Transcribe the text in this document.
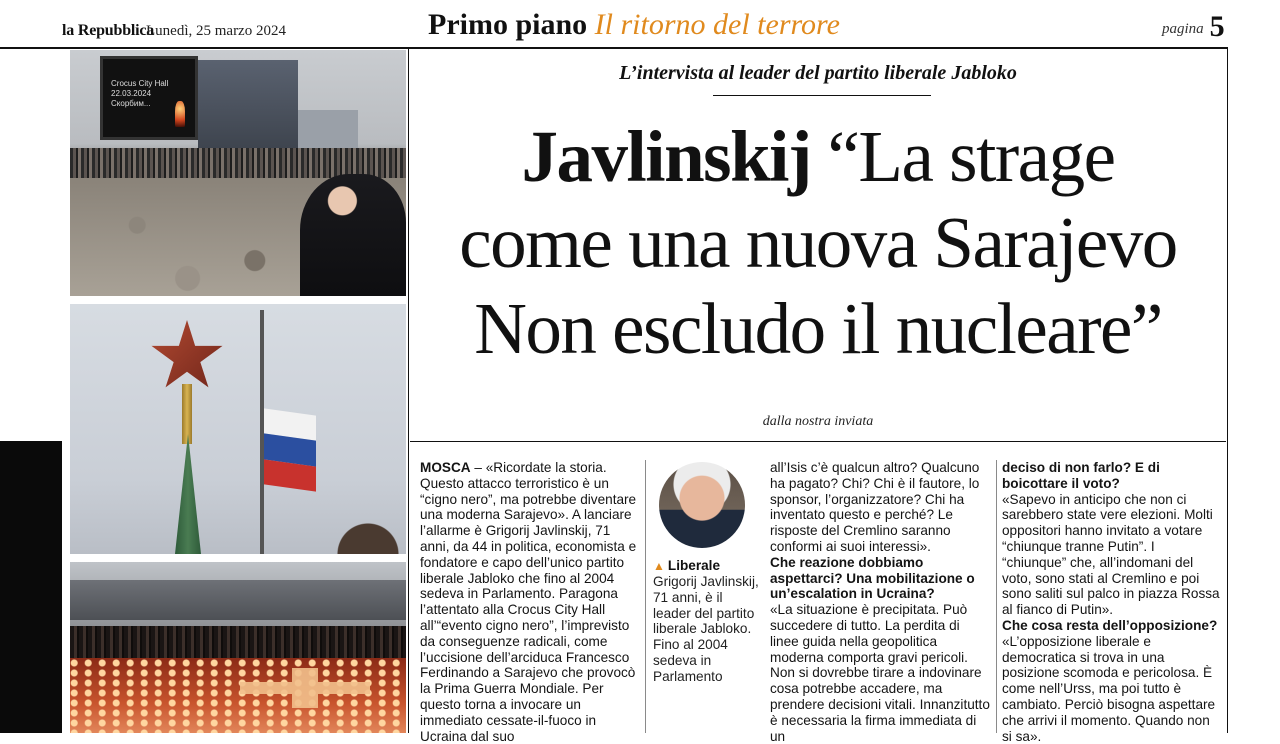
la Repubblica
Lunedì, 25 marzo 2024	Primo piano Il ritorno del terrore	pagina 5
Crocus City Hall
22.03.2024
Скорбим...
L’intervista al leader del partito liberale Jabloko
Javlinskij “La strage
come una nuova Sarajevo
Non escludo il nucleare”
dalla nostra inviata
MOSCA – «Ricordate la storia. Questo attacco terroristico è un “cigno nero”, ma potrebbe diventare una moderna Sarajevo». A lanciare l’allarme è Grigorij Javlinskij, 71 anni, da 44 in politica, economista e fondatore e capo dell’unico partito liberale Jabloko che fino al 2004 sedeva in Parlamento. Paragona l’attentato alla Crocus City Hall all’“evento cigno nero”, l’imprevisto da conseguenze radicali, come l’uccisione dell’arciduca Francesco Ferdinando a Sarajevo che provocò la Prima Guerra Mondiale. Per questo torna a invocare un immediato cessate-il-fuoco in Ucraina dal suo
▲ Liberale
Grigorij Javlinskij, 71 anni, è il leader del partito liberale Jabloko. Fino al 2004 sedeva in Parlamento
all’Isis c’è qualcun altro? Qualcuno ha pagato? Chi? Chi è il fautore, lo sponsor, l’organizzatore? Chi ha inventato questo e perché? Le risposte del Cremlino saranno conformi ai suoi interessi».
Che reazione dobbiamo aspettarci? Una mobilitazione o un’escalation in Ucraina?
«La situazione è precipitata. Può succedere di tutto. La perdita di linee guida nella geopolitica moderna comporta gravi pericoli. Non si dovrebbe tirare a indovinare cosa potrebbe accadere, ma prendere decisioni vitali. Innanzitutto è necessaria la firma immediata di un
deciso di non farlo? E di boicottare il voto?
«Sapevo in anticipo che non ci sarebbero state vere elezioni. Molti oppositori hanno invitato a votare “chiunque tranne Putin”. I “chiunque” che, all’indomani del voto, sono stati al Cremlino e poi sono saliti sul palco in piazza Rossa al fianco di Putin».
Che cosa resta dell’opposizione?
«L’opposizione liberale e democratica si trova in una posizione scomoda e pericolosa. È come nell’Urss, ma poi tutto è cambiato. Perciò bisogna aspettare che arrivi il momento. Quando non si sa».
